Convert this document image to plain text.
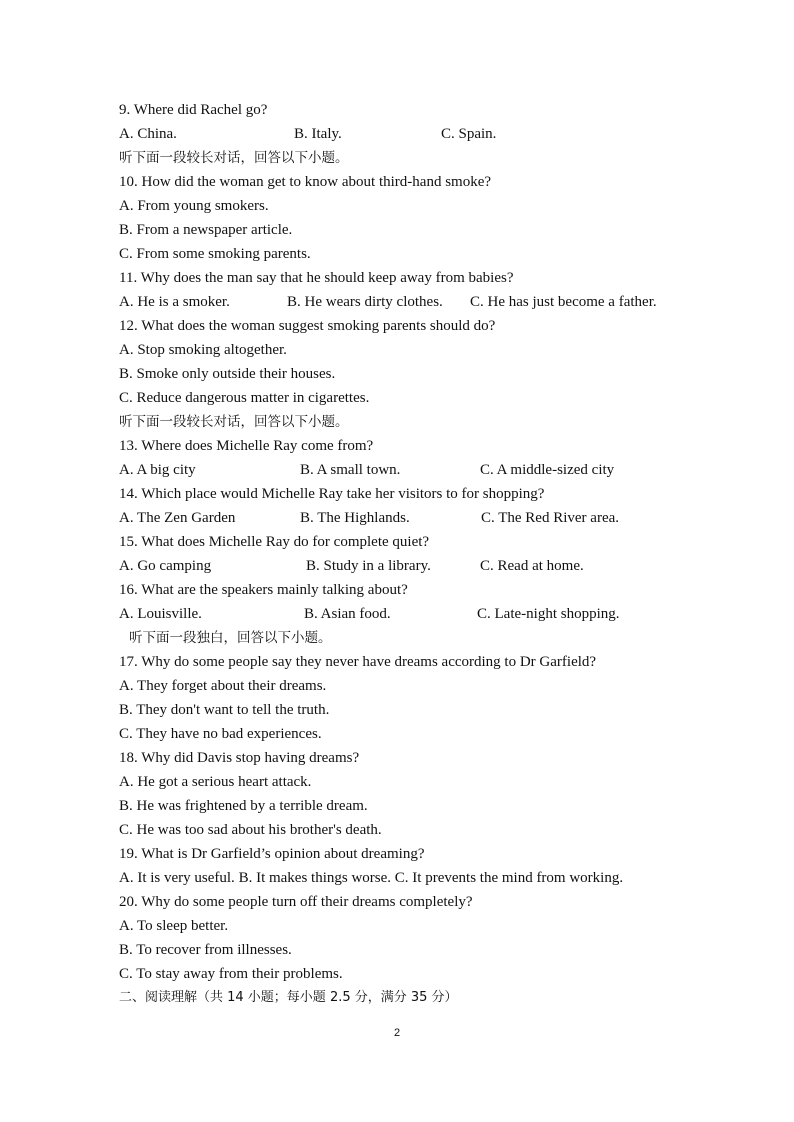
9. Where did Rachel go?
A. China.	B. Italy.	C. Spain.
听下面一段较长对话，回答以下小题。
10. How did the woman get to know about third-hand smoke?
A. From young smokers.
B. From a newspaper article.
C. From some smoking parents.
11. Why does the man say that he should keep away from babies?
A. He is a smoker.	B. He wears dirty clothes. C. He has just become a father.
12. What does the woman suggest smoking parents should do?
A. Stop smoking altogether.
B. Smoke only outside their houses.
C. Reduce dangerous matter in cigarettes.
听下面一段较长对话，回答以下小题。
13. Where does Michelle Ray come from?
A. A big city	B. A small town.	C. A middle-sized city
14. Which place would Michelle Ray take her visitors to for shopping?
A. The Zen Garden	B. The Highlands.	C. The Red River area.
15. What does Michelle Ray do for complete quiet?
A. Go camping	B. Study in a library.	C. Read at home.
16. What are the speakers mainly talking about?
A. Louisville.	B. Asian food.	C. Late-night shopping.
听下面一段独白，回答以下小题。
17. Why do some people say they never have dreams according to Dr Garfield?
A. They forget about their dreams.
B. They don't want to tell the truth.
C. They have no bad experiences.
18. Why did Davis stop having dreams?
A. He got a serious heart attack.
B. He was frightened by a terrible dream.
C. He was too sad about his brother's death.
19. What is Dr Garfield’s opinion about dreaming?
A. It is very useful. B. It makes things worse. C. It prevents the mind from working.
20. Why do some people turn off their dreams completely?
A. To sleep better.
B. To recover from illnesses.
C. To stay away from their problems.
二、阅读理解（共 14 小题；每小题 2.5 分，满分 35 分）
2
